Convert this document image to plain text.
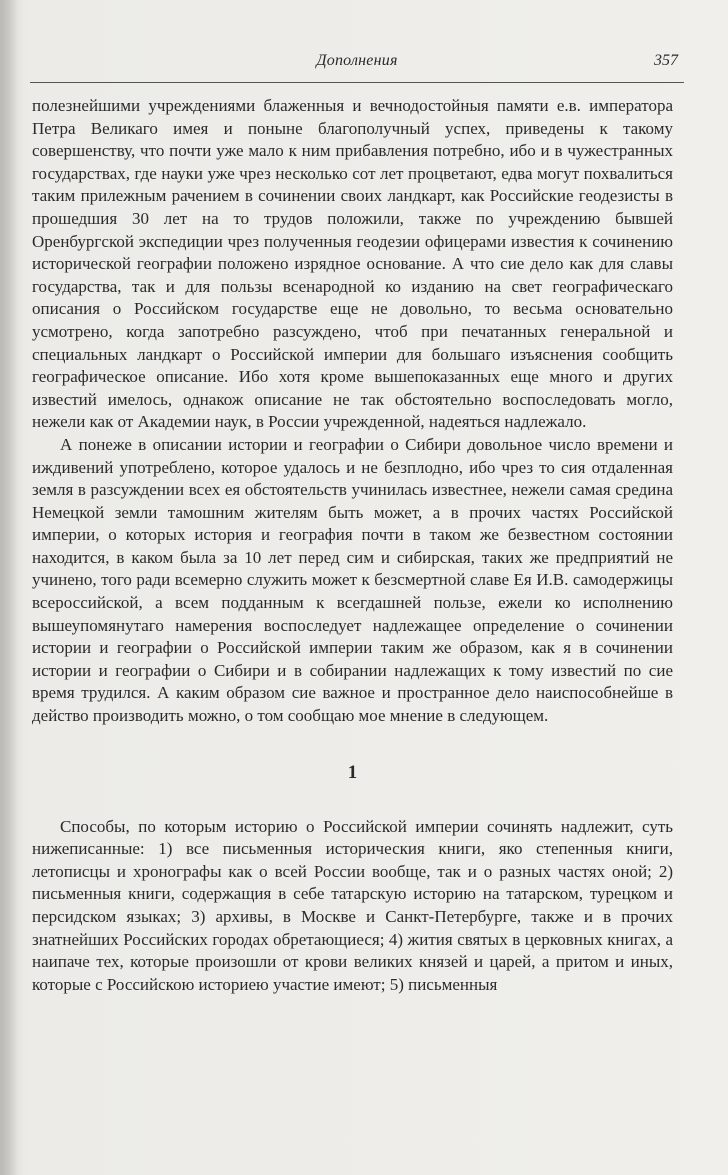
Дополнения	357

полезнейшими учреждениями блаженныя и вечнодостойныя памяти е.в. императора Петра Великаго имея и поныне благополучный успех, приведены к такому совершенству, что почти уже мало к ним прибавления потребно, ибо и в чужестранных государствах, где науки уже чрез несколько сот лет процветают, едва могут похвалиться таким прилежным рачением в сочинении своих ландкарт, как Российские геодезисты в прошедшия 30 лет на то трудов положили, также по учреждению бывшей Оренбургской экспедиции чрез полученныя геодезии офицерами известия к сочинению исторической географии положено изрядное основание. А что сие дело как для славы государства, так и для пользы всенародной ко изданию на свет географическаго описания о Российском государстве еще не довольно, то весьма основательно усмотрено, когда запотребно разсуждено, чтоб при печатанных генеральной и специальных ландкарт о Российской империи для большаго изъяснения сообщить географическое описание. Ибо хотя кроме вышепоказанных еще много и других известий имелось, однакож описание не так обстоятельно воспоследовать могло, нежели как от Академии наук, в России учрежденной, надеяться надлежало.

А понеже в описании истории и географии о Сибири довольное число времени и иждивений употреблено, которое удалось и не безплодно, ибо чрез то сия отдаленная земля в разсуждении всех ея обстоятельств учинилась известнее, нежели самая средина Немецкой земли тамошним жителям быть может, а в прочих частях Российской империи, о которых история и география почти в таком же безвестном состоянии находится, в каком была за 10 лет перед сим и сибирская, таких же предприятий не учинено, того ради всемерно служить может к безсмертной славе Ея И.В. самодержицы всероссийской, а всем подданным к всегдашней пользе, ежели ко исполнению вышеупомянутаго намерения воспоследует надлежащее определение о сочинении истории и географии о Российской империи таким же образом, как я в сочинении истории и географии о Сибири и в собирании надлежащих к тому известий по сие время трудился. А каким образом сие важное и пространное дело наиспособнейше в действо производить можно, о том сообщаю мое мнение в следующем.

1

Способы, по которым историю о Российской империи сочинять надлежит, суть нижеписанные: 1) все письменныя историческия книги, яко степенныя книги, летописцы и хронографы как о всей России вообще, так и о разных частях оной; 2) письменныя книги, содержащия в себе татарскую историю на татарском, турецком и персидском языках; 3) архивы, в Москве и Санкт-Петербурге, также и в прочих знатнейших Российских городах обретающиеся; 4) жития святых в церковных книгах, а наипаче тех, которые произошли от крови великих князей и царей, а притом и иных, которые с Российскою историею участие имеют; 5) письменныя
